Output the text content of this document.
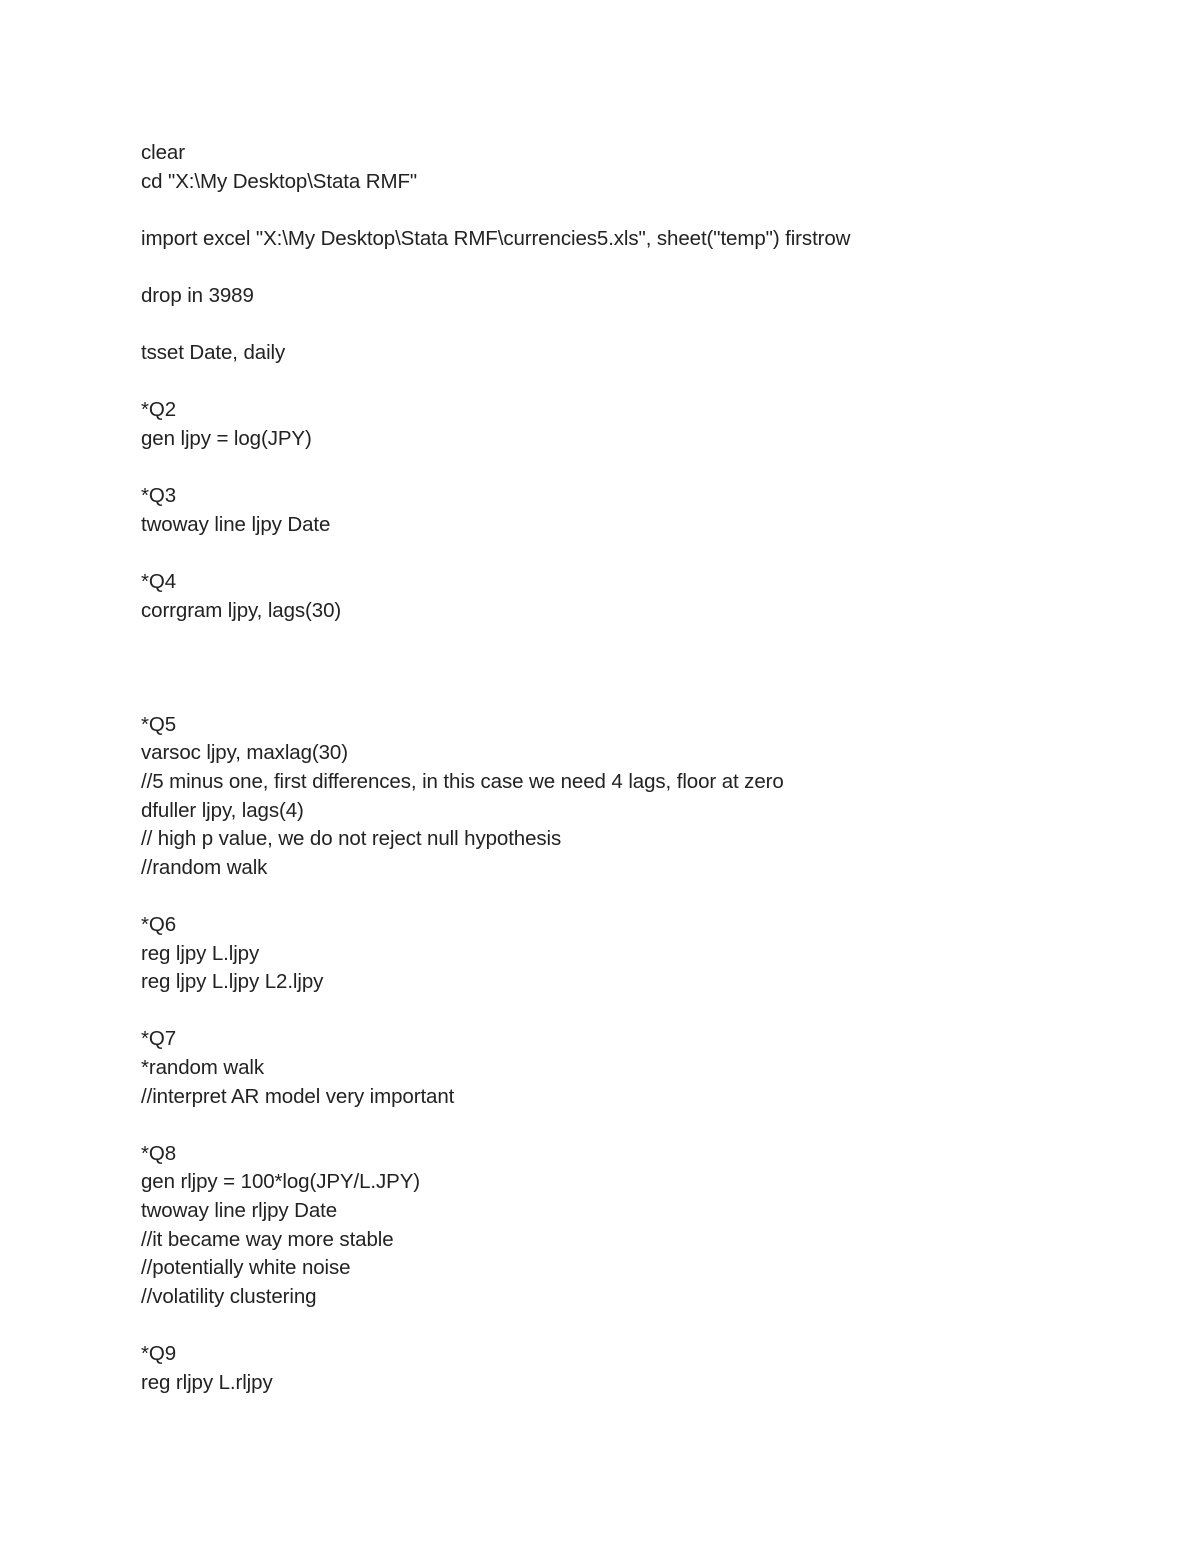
clear
cd "X:\My Desktop\Stata RMF"
import excel "X:\My Desktop\Stata RMF\currencies5.xls", sheet("temp") firstrow
drop in 3989
tsset Date, daily
*Q2
gen ljpy = log(JPY)
*Q3
twoway line ljpy Date
*Q4
corrgram ljpy, lags(30)
*Q5
varsoc ljpy, maxlag(30)
//5 minus one, first differences, in this case we need 4 lags, floor at zero
dfuller ljpy, lags(4)
// high p value, we do not reject null hypothesis
//random walk
*Q6
reg ljpy L.ljpy
reg ljpy L.ljpy L2.ljpy
*Q7
*random walk
//interpret AR model very important
*Q8
gen rljpy = 100*log(JPY/L.JPY)
twoway line rljpy Date
//it became way more stable
//potentially white noise
//volatility clustering
*Q9
reg rljpy L.rljpy
